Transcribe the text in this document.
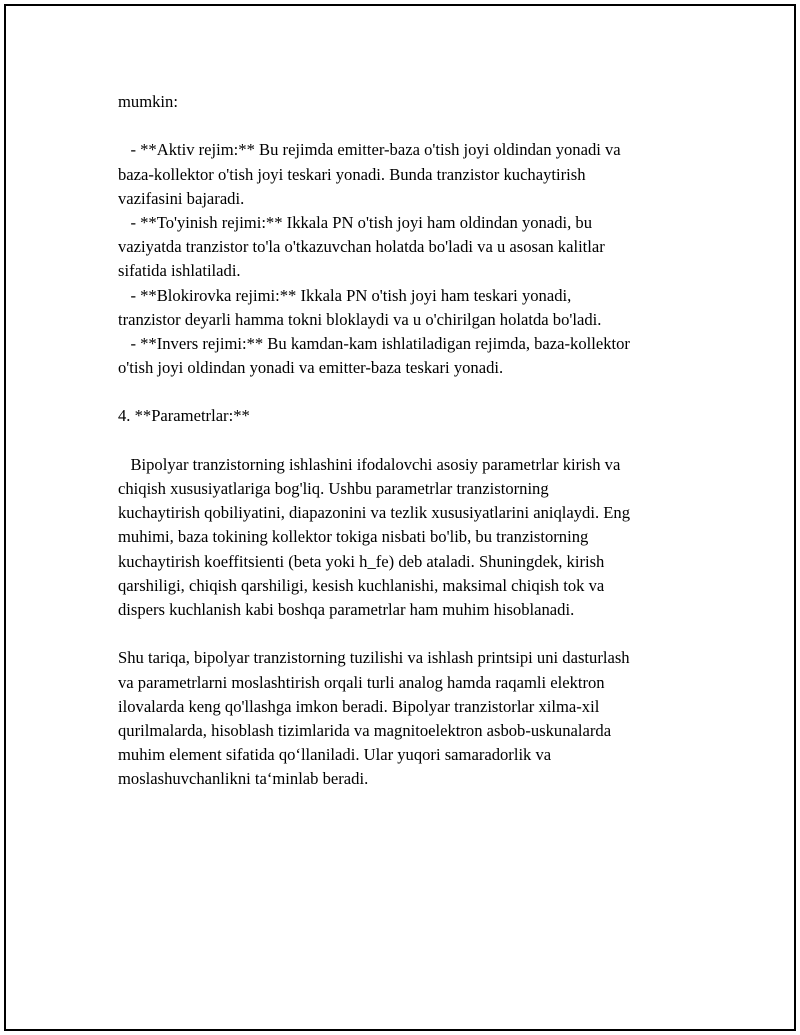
mumkin:
- **Aktiv rejim:** Bu rejimda emitter-baza o'tish joyi oldindan yonadi va
baza-kollektor o'tish joyi teskari yonadi. Bunda tranzistor kuchaytirish
vazifasini bajaradi.
- **To'yinish rejimi:** Ikkala PN o'tish joyi ham oldindan yonadi, bu
vaziyatda tranzistor to'la o'tkazuvchan holatda bo'ladi va u asosan kalitlar
sifatida ishlatiladi.
- **Blokirovka rejimi:** Ikkala PN o'tish joyi ham teskari yonadi,
tranzistor deyarli hamma tokni bloklaydi va u o'chirilgan holatda bo'ladi.
- **Invers rejimi:** Bu kamdan-kam ishlatiladigan rejimda, baza-kollektor
o'tish joyi oldindan yonadi va emitter-baza teskari yonadi.
4. **Parametrlar:**
Bipolyar tranzistorning ishlashini ifodalovchi asosiy parametrlar kirish va
chiqish xususiyatlariga bog'liq. Ushbu parametrlar tranzistorning
kuchaytirish qobiliyatini, diapazonini va tezlik xususiyatlarini aniqlaydi. Eng
muhimi, baza tokining kollektor tokiga nisbati bo'lib, bu tranzistorning
kuchaytirish koeffitsienti (beta yoki h_fe) deb ataladi. Shuningdek, kirish
qarshiligi, chiqish qarshiligi, kesish kuchlanishi, maksimal chiqish tok va
dispers kuchlanish kabi boshqa parametrlar ham muhim hisoblanadi.
Shu tariqa, bipolyar tranzistorning tuzilishi va ishlash printsipi uni dasturlash
va parametrlarni moslashtirish orqali turli analog hamda raqamli elektron
ilovalarda keng qo'llashga imkon beradi. Bipolyar tranzistorlar xilma-xil
qurilmalarda, hisoblash tizimlarida va magnitoelektron asbob-uskunalarda
muhim element sifatida qo‘llaniladi. Ular yuqori samaradorlik va
moslashuvchanlikni ta‘minlab beradi.
